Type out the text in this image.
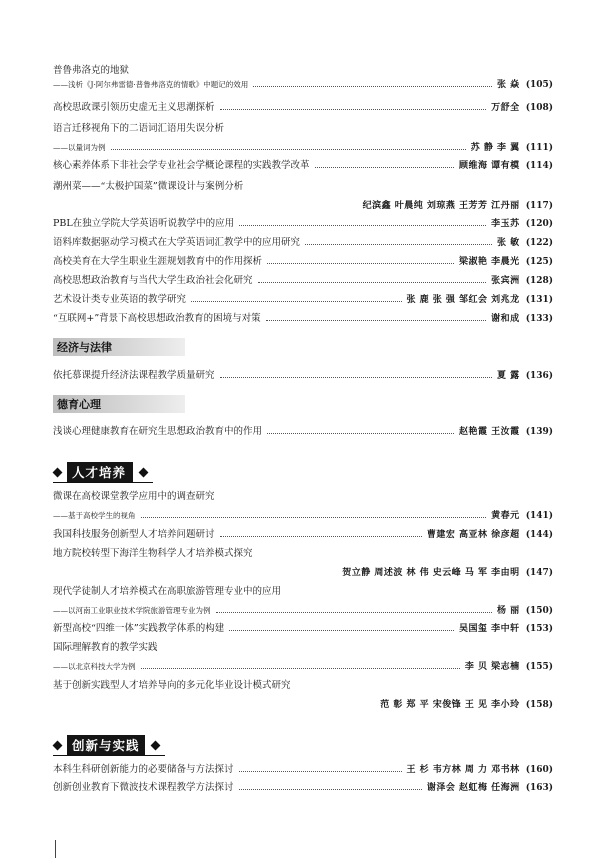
普鲁弗洛克的地狱
——浅析《J·阿尔弗雷德·普鲁弗洛克的情歌》中题记的效用	张 焱 (105)
高校思政课引领历史虚无主义思潮探析	万舒全 (108)
语言迁移视角下的二语词汇语用失误分析
——以量词为例	苏 静 李 翼 (111)
核心素养体系下非社会学专业社会学概论课程的实践教学改革	顾维海 谭有模 (114)
潮州菜——“太极护国菜”微课设计与案例分析
纪滨鑫 叶晨纯 刘琼燕 王芳芳 江丹丽 (117)
PBL在独立学院大学英语听说教学中的应用	李玉苏 (120)
语料库数据驱动学习模式在大学英语词汇教学中的应用研究	张 敏 (122)
高校美育在大学生职业生涯规划教育中的作用探析	梁淑艳 李晨光 (125)
高校思想政治教育与当代大学生政治社会化研究	张宾洲 (128)
艺术设计类专业英语的教学研究	张 鹿 张 强 邹红会 刘兆龙 (131)
“互联网+”背景下高校思想政治教育的困境与对策	谢和成 (133)
经济与法律
依托慕课提升经济法课程教学质量研究	夏 露 (136)
德育心理
浅谈心理健康教育在研究生思想政治教育中的作用	赵艳霞 王汝霞 (139)
人才培养
微课在高校课堂教学应用中的调查研究
——基于高校学生的视角	黄春元 (141)
我国科技服务创新型人才培养问题研讨	曹建宏 高亚林 徐彦超 (144)
地方院校转型下海洋生物科学人才培养模式探究
贺立静 周述波 林 伟 史云峰 马 军 李由明 (147)
现代学徒制人才培养模式在高职旅游管理专业中的应用
——以河南工业职业技术学院旅游管理专业为例	杨 丽 (150)
新型高校“四维一体”实践教学体系的构建	吴国玺 李中轩 (153)
国际理解教育的教学实践
——以北京科技大学为例	李 贝 梁志楠 (155)
基于创新实践型人才培养导向的多元化毕业设计模式研究
范 彰 郑 平 宋俊锋 王 见 李小玲 (158)
创新与实践
本科生科研创新能力的必要储备与方法探讨	王 杉 韦方林 周 力 邓书林 (160)
创新创业教育下微波技术课程教学方法探讨	谢泽会 赵虹梅 任海洲 (163)
